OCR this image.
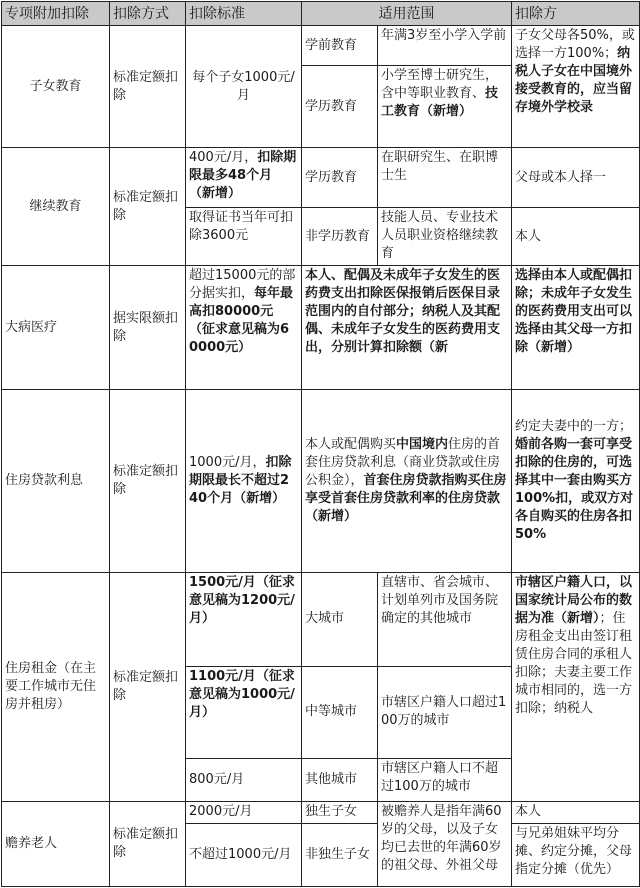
专项附加扣除	扣除方式	扣除标准	适用范围		扣除方
子女教育	标准定额扣除	每个子女1000元/月	学前教育	年满3岁至小学入学前	子女父母各50%，或选择一方100%；纳税人子女在中国境外接受教育的，应当留存境外学校录

			学历教育	小学至博士研究生，含中等职业教育、技工教育（新增）	
继续教育	标准定额扣除	400元/月，扣除期限最多48个月（新增）	学历教育	在职研究生、在职博士生	父母或本人择一
		取得证书当年可扣除3600元	非学历教育	技能人员、专业技术人员职业资格继续教育	本人
大病医疗	据实限额扣除	超过15000元的部分据实扣，每年最高扣80000元（征求意见稿为60000元）	本人、配偶及未成年子女发生的医药费支出扣除医保报销后医保目录范围内的自付部分；纳税人及其配偶、未成年子女发生的医药费用支出，分别计算扣除额（新		选择由本人或配偶扣除；未成年子女发生的医药费用支出可以选择由其父母一方扣除（新增）

住房贷款利息	标准定额扣除	1000元/月，扣除期限最长不超过240个月（新增）	本人或配偶购买中国境内住房的首套住房贷款利息（商业贷款或住房公积金），首套住房贷款指购买住房享受首套住房贷款利率的住房贷款（新增）		约定夫妻中的一方；婚前各购一套可享受扣除的住房的，可选择其中一套由购买方100%扣，或双方对各自购买的住房各扣50%
住房租金（在主要工作城市无住房并租房）	标准定额扣除	1500元/月（征求意见稿为1200元/月）	大城市	直辖市、省会城市、计划单列市及国务院确定的其他城市	市辖区户籍人口，以国家统计局公布的数据为准（新增）；住房租金支出由签订租赁住房合同的承租人扣除；夫妻主要工作城市相同的，选一方扣除；纳税人

		1100元/月（征求意见稿为1000元/月）	中等城市	市辖区户籍人口超过100万的城市	
		800元/月	其他城市	市辖区户籍人口不超过100万的城市	
赡养老人	标准定额扣除	2000元/月	独生子女	被赡养人是指年满60岁的父母，以及子女均已去世的年满60岁的祖父母、外祖父母	本人
		不超过1000元/月	非独生子女		与兄弟姐妹平均分摊、约定分摊，父母指定分摊（优先）
